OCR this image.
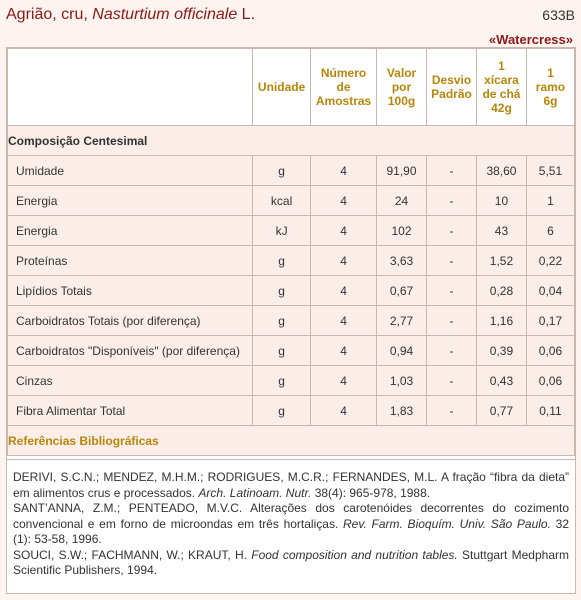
Agrião, cru, Nasturtium officinale L.	633B
«Watercress»
	Unidade	Número de Amostras	Valor por 100g	Desvio Padrão	1 xícara de chá 42g	1 ramo 6g
Composição Centesimal						
Umidade	g	4	91,90	-	38,60	5,51
Energia	kcal	4	24	-	10	1
Energia	kJ	4	102	-	43	6
Proteínas	g	4	3,63	-	1,52	0,22
Lipídios Totais	g	4	0,67	-	0,28	0,04
Carboidratos Totais (por diferença)	g	4	2,77	-	1,16	0,17
Carboidratos "Disponíveis" (por diferença)	g	4	0,94	-	0,39	0,06
Cinzas	g	4	1,03	-	0,43	0,06
Fibra Alimentar Total	g	4	1,83	-	0,77	0,11
Referências Bibliográficas						

DERIVI, S.C.N.; MENDEZ, M.H.M.; RODRIGUES, M.C.R.; FERNANDES, M.L. A fração “fibra da dieta” em alimentos crus e processados. Arch. Latinoam. Nutr. 38(4): 965-978, 1988.

SANT’ANNA, Z.M.; PENTEADO, M.V.C. Alterações dos carotenóides decorrentes do cozimento convencional e em forno de microondas em três hortaliças. Rev. Farm. Bioquím. Univ. São Paulo. 32 (1): 53-58, 1996.

SOUCI, S.W.; FACHMANN, W.; KRAUT, H. Food composition and nutrition tables. Stuttgart Medpharm Scientific Publishers, 1994.
